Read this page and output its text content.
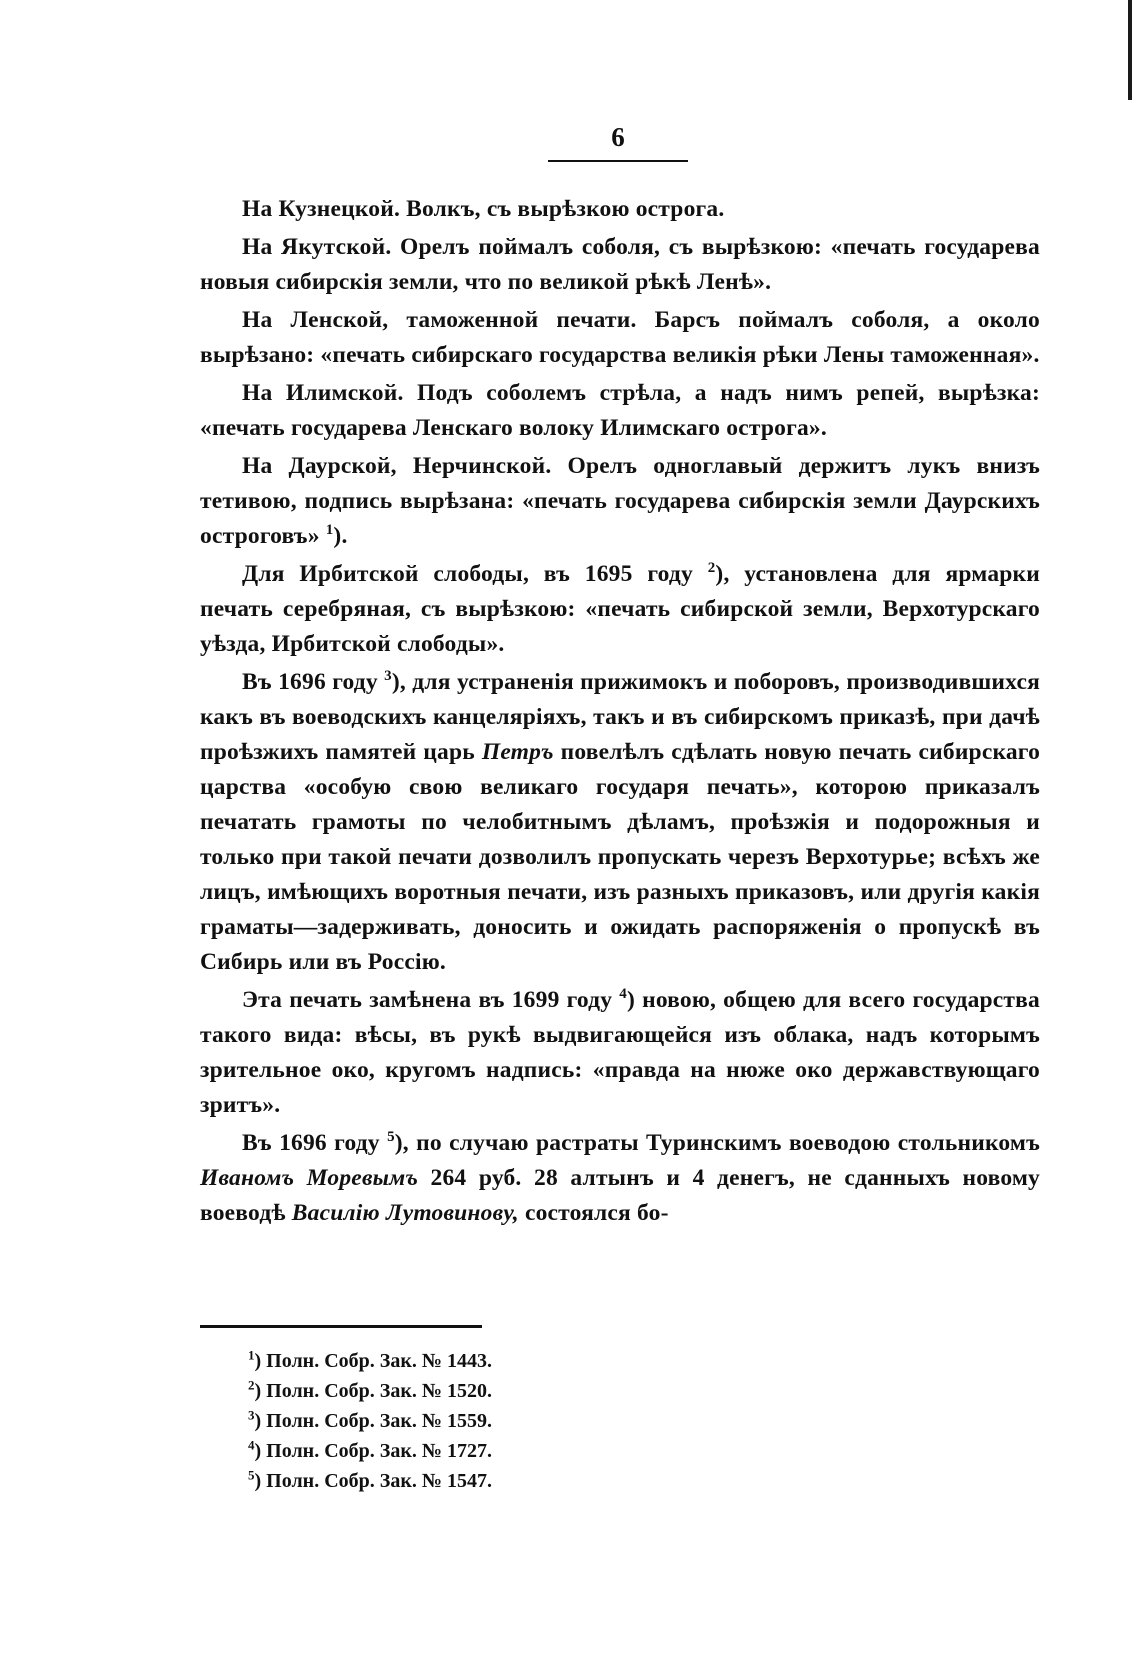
6

На Кузнецкой. Волкъ, съ вырѣзкою острога.

На Якутской. Орелъ поймалъ соболя, съ вырѣзкою: «печать государева новыя сибирскія земли, что по великой рѣкѣ Ленѣ».

На Ленской, таможенной печати. Барсъ поймалъ соболя, а около вырѣзано: «печать сибирскаго государства великія рѣки Лены таможенная».

На Илимской. Подъ соболемъ стрѣла, а надъ нимъ репей, вырѣзка: «печать государева Ленскаго волоку Илимскаго острога».

На Даурской, Нерчинской. Орелъ одноглавый держитъ лукъ внизъ тетивою, подпись вырѣзана: «печать государева сибирскія земли Даурскихъ остроговъ» $^1$).

Для Ирбитской слободы, въ 1695 году $^2$), установлена для ярмарки печать серебряная, съ вырѣзкою: «печать сибирской земли, Верхотурскаго уѣзда, Ирбитской слободы».

Въ 1696 году $^3$), для устраненія прижимокъ и поборовъ, производившихся какъ въ воеводскихъ канцеляріяхъ, такъ и въ сибирскомъ приказѣ, при дачѣ проѣзжихъ памятей царь Петръ повелѣлъ сдѣлать новую печать сибирскаго царства «особую свою великаго государя печать», которою приказалъ печатать грамоты по челобитнымъ дѣламъ, проѣзжія и подорожныя и только при такой печати дозволилъ пропускать черезъ Верхотурье; всѣхъ же лицъ, имѣющихъ воротныя печати, изъ разныхъ приказовъ, или другія какія граматы—задерживать, доносить и ожидать распоряженія о пропускѣ въ Сибирь или въ Россію.

Эта печать замѣнена въ 1699 году $^4$) новою, общею для всего государства такого вида: вѣсы, въ рукѣ выдвигающейся изъ облака, надъ которымъ зрительное око, кругомъ надпись: «правда на нюже око державствующаго зритъ».

Въ 1696 году $^5$), по случаю растраты Туринскимъ воеводою стольникомъ Иваномъ Моревымъ 264 руб. 28 алтынъ и 4 денегъ, не сданныхъ новому воеводѣ Василію Лутовинову, состоялся бо-

$^1$) Полн. Собр. Зак. № 1443.
$^2$) Полн. Собр. Зак. № 1520.
$^3$) Полн. Собр. Зак. № 1559.
$^4$) Полн. Собр. Зак. № 1727.
$^5$) Полн. Собр. Зак. № 1547.
